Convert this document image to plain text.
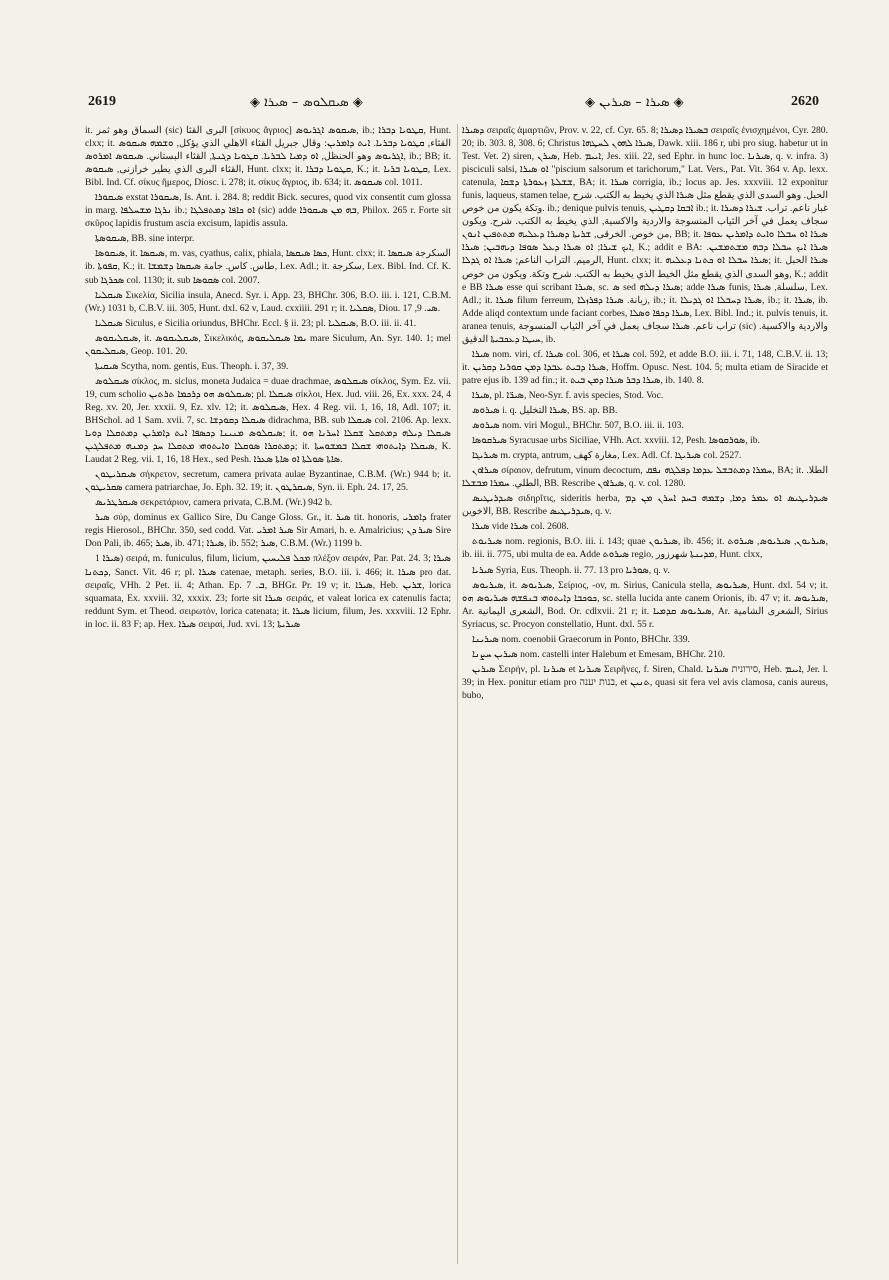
2619	◈ ܣܝܩܠܘܣ – ܣܝܪܐ ◈	◈ ܣܝܪܐ – ܣܝܪܝܢ ◈	2620

it. السماق وهو ثمر (sic) البرى القثا [σίκυος ἄγριος] ܣܝܩܘܣ ܐܓܪܝܘܣ, ib.; ܩܛܘܝܐ ܕܒܪܐ, Hunt. clxx; it. القثاء, ܩܛܘܝܐ ܕܒܪܝܐ. ܐܝܬ ܕܐܡܪܝܢ: وقال جبريل القثاء الاهلي الذي يؤكل, ܘܫܡܗ ܣܝܩܘܣ ܐܓܪܝܘܣ وهو الحنظل, ܐܘ ܕܡܝܐ ܠܒܪܝܐ. ܩܛܘܝܐ ܕܓܢܬܐ, القثاء البستاني. ܣܝܩܘܣ ܐܡܪܘܣ, ib.; BB; it. القثاء البرى الذي يطير خرازنى, ܣܝܩܘܣ, Hunt. clxx; it. ܩܛܘܝܐ ܕܒܪܐ, K.; it. ܩܛܘܝܐ ܒܪܝܐ, Lex. Bibl. Ind. Cf. σίκυς ἥμερος, Diosc. i. 278; it. σίκυς ἄγριος, ib. 634; it. ܣܝܩܘܣ col. 1011.

ܣܝܩܘܪܐ exstat ܣܝܩܘܪܐ, Is. Ant. i. 284. 8; reddit Bick. secures, quod vix consentit cum glossa in marg. ܢܪܓܐ ܡܫܚܠܦܐ ib.; ܐܘ ܟܐܦܐ ܕܡܬܦܠܓܐ (sic) adde ܒܗ ܡܢ ܣܝܩܘܪܐ, Philox. 265 r. Forte sit σκῦρος lapidis frustum ascia excisum, lapidis assula.

ܣܝܩܘܣܬܐ, BB. sine interpr.

ܣܝܩܘܣܐ, it. ܣܝܩܣܐ, m. vas, cyathus, calix, phiala, ܟܣܐ ܣܝܩܣܐ, Hunt. clxx; it. السكرجة ܣܝܩܣܐ ib. ܩܦܘܬܐ, K.; it. طاس. كاس. جامة ܣܝܩܣܐ ܕܫܡܫܐ, Lex. Adl.; it. سكرجة, Lex. Bibl. Ind. Cf. K. sub ܣܟܪܓܐ col. 1130; it. sub ܣܩܘܣܐ col. 2007.

ܣܝܩܠܝܐ Σικελία, Sicilia insula, Anecd. Syr. i. App. 23, BHChr. 306, B.O. iii. i. 121, C.B.M. (Wr.) 1031 b, C.B.V. iii. 305, Hunt. dxl. 62 v, Laud. cxxiiii. 291 r; it. ܣܩܠܝܐ, Diou. ܣܝ. 9, 17.

ܣܝܩܠܝܐ Siculus, e Sicilia oriundus, BHChr. Eccl. § ii. 23; pl. ܣܝܩܠܝܐ, B.O. iii. ii. 41.

ܣܝܩܠܝܩܘܣ, it. ܣܝܩܠܝܩܘܣ, Σικελικός, ܝܡܐ ܣܝܩܠܝܩܘܣ mare Siculum, An. Syr. 140. 1; mel ܣܝܩܠܝܩܘܢ, Geop. 101. 20.

ܣܝܩܝܬܐ Scytha, nom. gentis, Eus. Theoph. i. 37, 39.

ܣܝܩܠܘܣ σίκλος, m. siclus, moneta Judaica = duae drachmae, ܣܝܩܠܘܣ σίκλος, Sym. Ez. vii. 19, cum scholio ܣܝܩܠܘܣ ܗܘ ܕܪܟܡܐ ܬܪܬܝܢ; pl. ܣܝܩܠܐ σίκλοι, Hex. Jud. viii. 26, Ex. xxx. 24, 4 Reg. xv. 20, Jer. xxxii. 9, Ez. xlv. 12; it. ܣܝܩܠܘܣ, Hex. 4 Reg. vii. 1, 16, 18, Adl. 107; it. BHSchol. ad 1 Sam. xvii. 7, sc. ܣܝܩܠܐ ܕܩܘܕܫܐ didrachma, BB. sub ܣܝܩܠܐ col. 2106. Ap. lexx. ܣܝܩܠܘܣ ܡܢܝܢܐ ܕܟܣܦܐ ܐܝܬ ܕܐܡܪܝܢ ܕܡܬܩܠܐ ܕܘܝܐ; it. ܣܝܩܠܐ ܕܝܠܗ ܕܡܬܩܠ ܫܩܠܐ ܐܚܪܢܐ ܗܘ ܕܡܬܩܪܐ ܣܘܩܠܐ ܘܐܝܬܘܗܝ ܡܬܩܠܐ ܚܕ ܕܡܢܗ ܡܬܦܠܓܝܢ; it. ܣܝܩܠܐ ܕܐܝܬܘܗܝ ܫܩܠܐ ܒܡܫܘܚܬܐ, K. Laudat 2 Reg. vii. 1, 16, 18 Hex., sed Pesh. ܣܐܬܐ ܣܘܠܬܐ ܐܘ ܣܐܬܐ ܣܥܪܐ.

ܣܝܩܪܝܛܘܢ σήκρετον, secretum, camera privata aulae Byzantinae, C.B.M. (Wr.) 944 b; it. ܣܩܪܝܛܘܢ camera patriarchae, Jo. Eph. 32. 19; it. ܣܝܩܪܛܘܢ, Syn. ii. Eph. 24. 17, 25.

ܣܝܩܪܛܪܝܣ σεκρετάριον, camera privata, C.B.M. (Wr.) 942 b.

ܣܝܪ σύρ, dominus ex Gallico Sire, Du Cange Gloss. Gr., it. ܣܝܪ tit. honoris, ܕܐܡܪܝ frater regis Hierosol., BHChr. 350, sed codd. Vat. ܣܝܪ ܐܡܪܝ Sir Amari, h. e. Amalricius; ܣܝܪ ܕܢ Sire Don Pali, ib. 465; ܣܝܪ, ib. 471; ܣܝܪܐ, ib. 552; ܣܝܪ, C.B.M. (Wr.) 1199 b.

ܣܝܪܐ 1) σειρά, m. funiculus, filum, licium, ܡܟܠ ܦܠܝܚܝܢ πλέξον σειράν, Par. Pat. 24. 3; ܣܝܪܐ ܕܟܬܢܐ, Sanct. Vit. 46 r; pl. ܣܝܪܐ catenae, metaph. series, B.O. iii. i. 466; it. ܣܝܪܐ pro dat. σειραῖς, VHh. 2 Pet. ii. 4; Athan. Ep. ܒ. 7, BHGr. Pr. 19 v; it. ܣܝܪܐ, Heb. ܫܪܝܢ, lorica squamata, Ex. xxviii. 32, xxxix. 23; forte sit ܣܝܪܐ σειράς, et valeat lorica ex catenulis facta; reddunt Sym. et Theod. σειρωτόν, lorica catenata; it. ܣܝܪܐ licium, filum, Jes. xxxviii. 12 Ephr. in loc. ii. 83 F; ap. Hex. ܣܝܪܐ σειραί, Jud. xvi. 13; ܣܝܪܝܬܐ

ܕܣܝܪܐ σειραῖς ἁμαρτιῶν, Prov. v. 22, cf. Cyr. 65. 8; ܒܣܝܪܐ ܕܣܝܪܐ σειραῖς ἐνισχημένοι, Cyr. 280. 20; ib. 303. 8, 308. 6; Christus ܣܝܪܐ ܠܗܘܢ ܠܚܛܗܐ, Dawk. xiii. 186 r, ubi pro siug. habetur ut in Test. Vet. 2) siren, ܣܝܪܢ, Heb. ܐܝܝܡ, Jes. xiii. 22, sed Ephr. in hunc loc. ܣܝܪܢܐ, q. v. infra. 3) pisciculi salsi, ܐܘ ܣܝܪܐ "piscium salsorum et tarichorum," Lat. Vers., Pat. Vit. 364 v. Ap. lexx. catenula, ܫܫܠܬܐ ܙܥܘܪܬܐ ܕܫܩܐ, BA; it. ܣܝܪܐ corrigia, ib.; locus ap. Jes. xxxviii. 12 exponitur funis, laqueus, stamen telae, الحبل. وهو السدى الذي يقطع مثل ܣܝܪܐ الذي يخيط به الكتب. شرح وتكة يكون من خوص. ib.; denique pulvis tenuis, ܐܒܩܐ ܕܩܛܝܢ ib.; it. غبار ناعم. تراب. ܫܝܪܐ ܕܣܝܪܐ سجاف يعمل في آخر الثياب المنسوجة والاردية والاكسية, الذي يخيط به الكتب. شرح. ويكون من خوص. الخرقى, ܫܪܝܬܐ ܕܣܝܪܐ ܕܥܠܝܗ ܡܬܬܦܝܢ ܐܢܘܢ, BB; it. ܣܝܪܐ ܐܘ ܚܒܠܐ ܘܐܝܬ ܕܐܡܪܝܢ ܥܘܦܐ ܐܝܟ ܫܝܪܐ; ܐܘ ܣܝܪܐ ܕܥܠ ܣܘܦܐ ܕܝܗܒܝܢ; ܣܝܪܐ, K.; addit e BA: ܣܝܪܐ ܐܝܟ ܚܒܠܐ ܕܒܗ ܡܫܬܡܫܝܢ. الرميم. التراب الناعم; ܣܝܪܐ ܐܘ ܓܕܠܐ, Hunt. clxx; it. ܣܝܪܐ ܚܒܠܐ ܐܘ ܟܬܢܐ ܕܥܠܝܗ; it. ܣܝܪܐ الحبل وهو السدى الذي يقطع مثل الخيط الذي يخيط به الكتب. شرح وتكة. ويكون من خوص, K.; addit e BB ܣܝܪܐ esse qui scribant ܣܝܪܐ, sc. ܣ sed ܣܝܪܐ ܕܝܠܗ; adde ܣܝܪܐ funis, سلسلة, ܣܝܪܐ, Lex. Adl.; it. ܣܝܪܐ filum ferreum, زبانة. ܣܝܪܐ ܕܦܪܙܠܐ, ib.; it. ܣܝܪܐ ܕܚܒܠܐ ܐܘ ܓܕܝܠܐ, ib.; it. ܣܝܪܐ, ib. Adde aliqd contextum unde faciant corbes, ܣܝܪܐ ܕܟܦܐ ܘܣܠܐ, Lex. Bibl. Ind.; it. pulvis tenuis, it. aranea tenuis, تراب ناعم. ܣܝܪܐ سجاف يعمل في آخر الثياب المنسوجة (sic) والاردية والاكسية. ܚܝܛܐ ܕܥܟܒܝܬܐ الدقيق, ib.

ܣܝܪܐ nom. viri, cf. ܣܝܪܐ col. 306, et ܣܝܪܐ col. 592, et adde B.O. iii. i. 71, 148, C.B.V. ii. 13; it. ܣܝܪܐ ܕܒܝܬ ܥܒܕܐ ܕܡܢ ܩܘܪܝܐ ܕܩܪܝܢ, Hoffm. Opusc. Nest. 104. 5; multa etiam de Siracide et patre ejus ib. 139 ad fin.; it. ܣܝܪܐ ܕܒܪ ܣܝܪܐ ܕܡܢ ܒܝܬ, ib. 140. 8.

ܣܝܪܐ, pl. ܣܝܪ̈ܐ, Neo-Syr. f. avis species, Stod. Voc.

ܣܝܪܘܣ i. q. ܣܝܪܐ التخليل, BS. ap. BB.

ܣܝܪܘܣ nom. viri Mogul., BHChr. 507, B.O. iii. ii. 103.

ܣܝܪܩܘܣܐ Syracusae urbs Siciliae, VHh. Act. xxviii. 12, Pesh. ܣܘܪܩܘܣܐ, ib.

ܣܝܪܝܓܐ m. crypta, antrum, مغارة كهف, Lex. Adl. Cf. ܣܝܪܝܓܐ col. 2527.

ܣܝܪܐܘܢ σίραιον, defrutum, vinum decoctum, ܚܡܪܐ ܕܡܬܒܫܠ ܥܕܡܐ ܕܦܠܓܗ ܢܦܩ, BA; it. الطلا. الطلي. ܚܡܪܐ ܡܒܫܠܐ, BB. Rescribe ܣܝܪܐܘܢ, q. v. col. 1280.

ܣܝܕܪܝܛܝܣ σιδηρῖτις, sideritis herba, ܣܝܕܪܝܛܝܣ ܐܘ ܥܡܪ ܕܡܐ, ܕܫܡܗ ܒܚܕ ܐܚܪܢ ܡܢ ܕܡ الاخوين, BB. Rescribe ܣܝܕܪܝܛܝܣ, q. v.

ܣܝܪܐ vide ܣܝܪܐ col. 2608.

ܣܝܪܝܘܬ nom. regionis, B.O. iii. i. 143; quae ܣܝܪܝܘܢ, ib. 456; it. ܣܝܪܝܘܢ, ܣܝܪܝܘܣ, ܣܝܪܘܬ, ib. iii. ii. 775, ubi multa de ea. Adde ܣܝܪܘܬ regio, ܡܕܝܢܬܐ شهرزور, Hunt. clxx,

ܣܝܪܝܐ Syria, Eus. Theoph. ii. 77. 13 pro ܣܘܪܝܐ, q. v.

ܣܝܪܝܘܣ, it. ܣܝܪܝܘܣ, Σείριος, -ov, m. Sirius, Canicula stella, ܣܝܪܝܘܣ, Hunt. dxl. 54 v; it. ܟܘܟܒܐ ܕܐܝܬܘܗܝ ܒܢܦܫܗ ܣܝܪܝܘܣ ܗܘ, sc. stella lucida ante canem Orionis, ib. 47 v; it. ܣܝܪܝܘܣ, Ar. الشعرى اليمانية, Bod. Or. cdlxvii. 21 r; it. ܣܝܪܝܘܣ ܩܕܡܝܐ, Ar. الشعرى الشامية, Sirius Syriacus, sc. Procyon constellatio, Hunt. dxl. 55 r.

ܣܝܪܝܢܐ nom. coenobii Graecorum in Ponto, BHChr. 339.

ܣܝܪܝܢ ܚܨܢܐ nom. castelli inter Halebum et Emesam, BHChr. 210.

ܣܝܪܝܢ Σειρήν, pl. ܣܝܪܢܐ et ܣܝܪܢܐ Σειρῆνες, f. Siren, Chald. סירונית ܣܝܪܢܐ, Heb. ܐܝܝܡ, Jer. l. 39; in Hex. ponitur etiam pro בנות יענה, et ܬܢܝܢ, quasi sit fera vel avis clamosa, canis aureus, bubo,
